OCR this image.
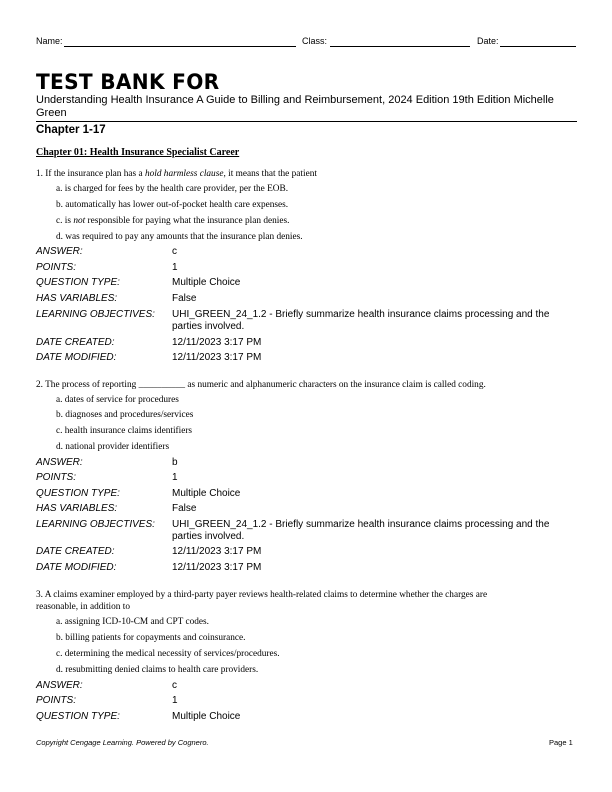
Name:	Class:	Date:
TEST BANK FOR
Understanding Health Insurance A Guide to Billing and Reimbursement, 2024 Edition 19th Edition Michelle Green
Chapter 1-17
Chapter 01: Health Insurance Specialist Career
1. If the insurance plan has a hold harmless clause, it means that the patient
a. is charged for fees by the health care provider, per the EOB.
b. automatically has lower out-of-pocket health care expenses.
c. is not responsible for paying what the insurance plan denies.
d. was required to pay any amounts that the insurance plan denies.
ANSWER:	c
POINTS:	1
QUESTION TYPE:	Multiple Choice
HAS VARIABLES:	False
LEARNING OBJECTIVES: UHI_GREEN_24_1.2 - Briefly summarize health insurance claims processing and the parties involved.
DATE CREATED:	12/11/2023 3:17 PM
DATE MODIFIED:	12/11/2023 3:17 PM
2. The process of reporting __________ as numeric and alphanumeric characters on the insurance claim is called coding.
a. dates of service for procedures
b. diagnoses and procedures/services
c. health insurance claims identifiers
d. national provider identifiers
ANSWER:	b
POINTS:	1
QUESTION TYPE:	Multiple Choice
HAS VARIABLES:	False
LEARNING OBJECTIVES: UHI_GREEN_24_1.2 - Briefly summarize health insurance claims processing and the parties involved.
DATE CREATED:	12/11/2023 3:17 PM
DATE MODIFIED:	12/11/2023 3:17 PM
3. A claims examiner employed by a third-party payer reviews health-related claims to determine whether the charges are
reasonable, in addition to
a. assigning ICD-10-CM and CPT codes.
b. billing patients for copayments and coinsurance.
c. determining the medical necessity of services/procedures.
d. resubmitting denied claims to health care providers.
ANSWER:	c
POINTS:	1
QUESTION TYPE:	Multiple Choice
Copyright Cengage Learning. Powered by Cognero.	Page 1
